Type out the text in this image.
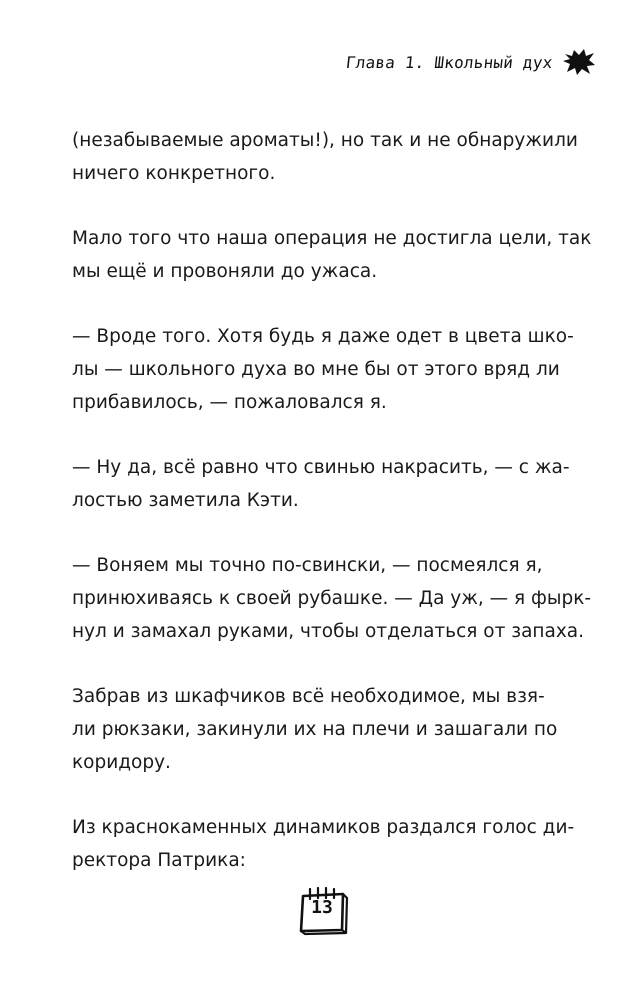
Глава 1. Школьный дух

(незабываемые ароматы!), но так и не обнаружили
ничего конкретного.

Мало того что наша операция не достигла цели, так
мы ещё и провоняли до ужаса.

— Вроде того. Хотя будь я даже одет в цвета шко-
лы — школьного духа во мне бы от этого вряд ли
прибавилось, — пожаловался я.

— Ну да, всё равно что свинью накрасить, — с жа-
лостью заметила Кэти.

— Воняем мы точно по-свински, — посмеялся я,
принюхиваясь к своей рубашке. — Да уж, — я фырк-
нул и замахал руками, чтобы отделаться от запаха.

Забрав из шкафчиков всё необходимое, мы взя-
ли рюкзаки, закинули их на плечи и зашагали по
коридору.

Из краснокаменных динамиков раздался голос ди-
ректора Патрика:

13
